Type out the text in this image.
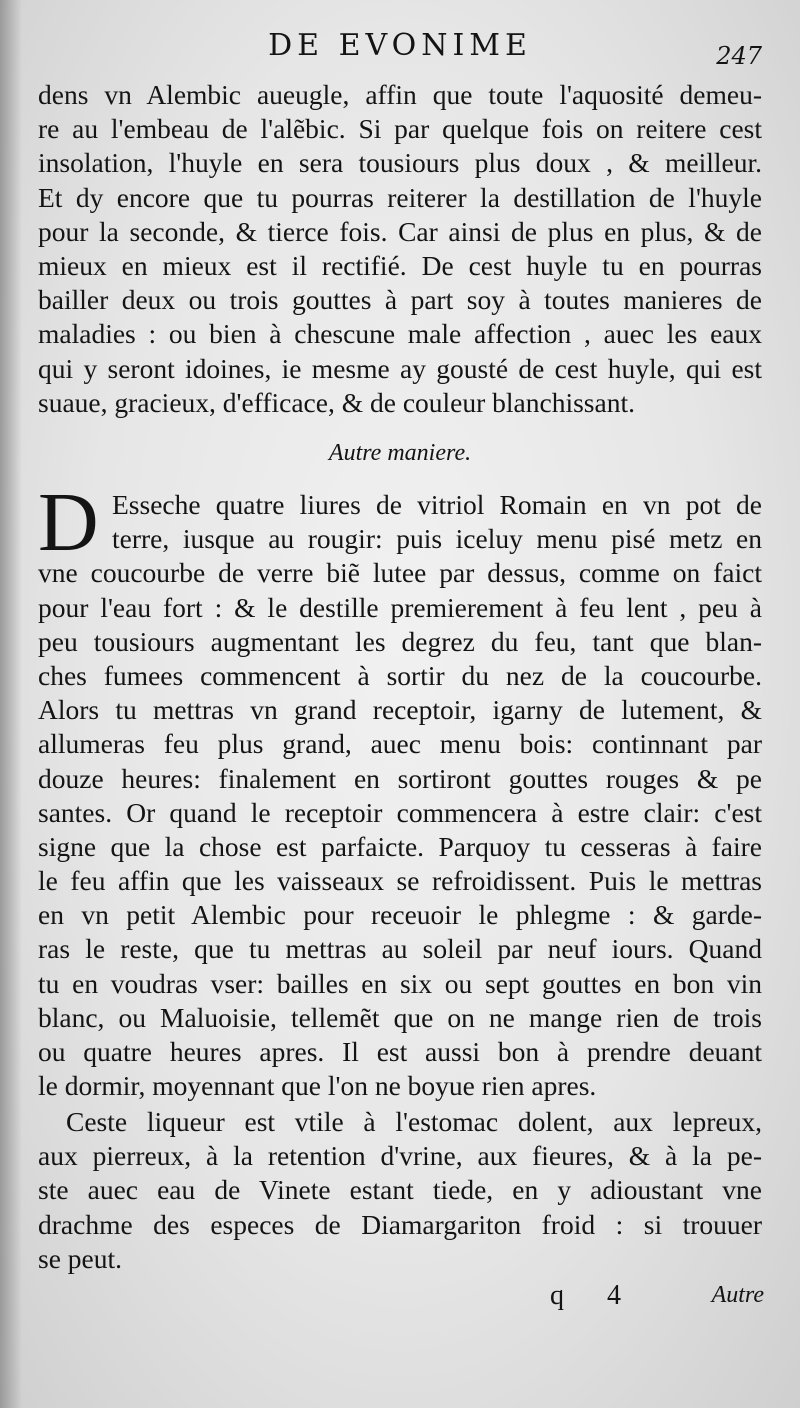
DE EVONIME	247
dens vn Alembic aueugle, affin que toute l'aquosité demeu-
re au l'embeau de l'alẽbic. Si par quelque fois on reitere cest
insolation, l'huyle en sera tousiours plus doux , & meilleur.
Et dy encore que tu pourras reiterer la destillation de l'huyle
pour la seconde, & tierce fois. Car ainsi de plus en plus, & de
mieux en mieux est il rectifié. De cest huyle tu en pourras
bailler deux ou trois gouttes à part soy à toutes manieres de
maladies : ou bien à chescune male affection , auec les eaux
qui y seront idoines, ie mesme ay gousté de cest huyle, qui est
suaue, gracieux, d'efficace, & de couleur blanchissant.
Autre maniere.
D Esseche quatre liures de vitriol Romain en vn pot de
terre, iusque au rougir: puis iceluy menu pisé metz en
vne coucourbe de verre biẽ lutee par dessus, comme on faict
pour l'eau fort : & le destille premierement à feu lent , peu à
peu tousiours augmentant les degrez du feu, tant que blan-
ches fumees commencent à sortir du nez de la coucourbe.
Alors tu mettras vn grand receptoir, igarny de lutement, &
allumeras feu plus grand, auec menu bois: continnant par
douze heures: finalement en sortiront gouttes rouges & pe
santes. Or quand le receptoir commencera à estre clair: c'est
signe que la chose est parfaicte. Parquoy tu cesseras à faire
le feu affin que les vaisseaux se refroidissent. Puis le mettras
en vn petit Alembic pour receuoir le phlegme : & garde-
ras le reste, que tu mettras au soleil par neuf iours. Quand
tu en voudras vser: bailles en six ou sept gouttes en bon vin
blanc, ou Maluoisie, tellemẽt que on ne mange rien de trois
ou quatre heures apres. Il est aussi bon à prendre deuant
le dormir, moyennant que l'on ne boyue rien apres.
Ceste liqueur est vtile à l'estomac dolent, aux lepreux,
aux pierreux, à la retention d'vrine, aux fieures, & à la pe-
ste auec eau de Vinete estant tiede, en y adioustant vne
drachme des especes de Diamargariton froid : si trouuer
se peut.
q 4	Autre
